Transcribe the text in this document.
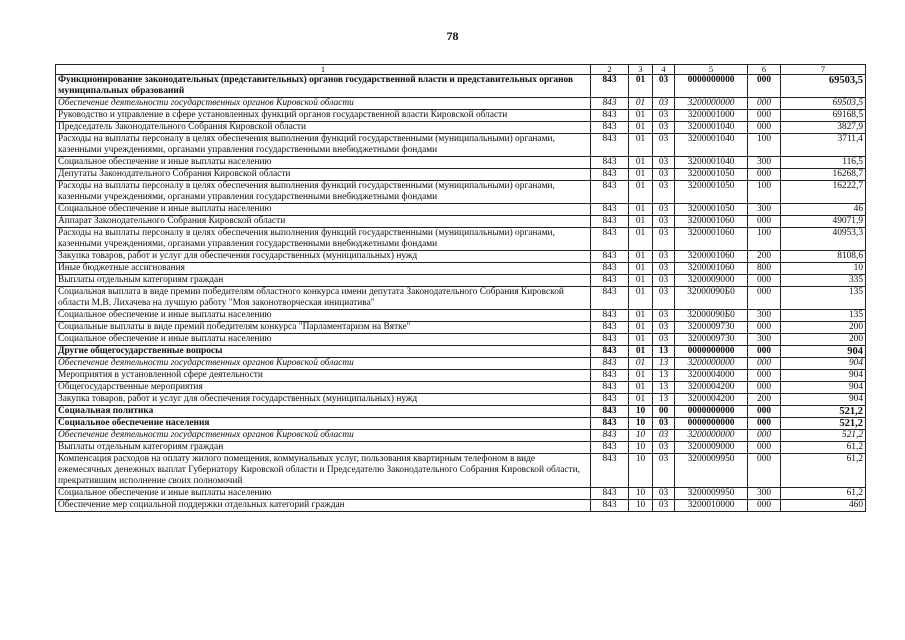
78
1	2	3	4	5	6	7
Функционирование законодательных (представительных) органов государственной власти и представительных органов муниципальных образований	843	01	03	0000000000	000	69503,5
Обеспечение деятельности государственных органов Кировской области	843	01	03	3200000000	000	69503,5
Руководство и управление в сфере установленных функций органов государственной власти Кировской области	843	01	03	3200001000	000	69168,5
Председатель Законодательного Собрания Кировской области	843	01	03	3200001040	000	3827,9
Расходы на выплаты персоналу в целях обеспечения выполнения функций государственными (муниципальными) органами, казенными учреждениями, органами управления государственными внебюджетными фондами	843	01	03	3200001040	100	3711,4
Социальное обеспечение и иные выплаты населению	843	01	03	3200001040	300	116,5
Депутаты Законодательного Собрания Кировской области	843	01	03	3200001050	000	16268,7
Расходы на выплаты персоналу в целях обеспечения выполнения функций государственными (муниципальными) органами, казенными учреждениями, органами управления государственными внебюджетными фондами	843	01	03	3200001050	100	16222,7
Социальное обеспечение и иные выплаты населению	843	01	03	3200001050	300	46
Аппарат Законодательного Собрания Кировской области	843	01	03	3200001060	000	49071,9
Расходы на выплаты персоналу в целях обеспечения выполнения функций государственными (муниципальными) органами, казенными учреждениями, органами управления государственными внебюджетными фондами	843	01	03	3200001060	100	40953,3
Закупка товаров, работ и услуг для обеспечения государственных (муниципальных) нужд	843	01	03	3200001060	200	8108,6
Иные бюджетные ассигнования	843	01	03	3200001060	800	10
Выплаты отдельным категориям граждан	843	01	03	3200009000	000	335
Социальная выплата в виде премии победителям областного конкурса имени депутата Законодательного Собрания Кировской области М.В. Лихачева на лучшую работу "Моя законотворческая инициатива"	843	01	03	32000090Б0	000	135
Социальное обеспечение и иные выплаты населению	843	01	03	32000090Б0	300	135
Социальные выплаты в виде премий победителям конкурса "Парламентаризм на Вятке"	843	01	03	3200009730	000	200
Социальное обеспечение и иные выплаты населению	843	01	03	3200009730	300	200
Другие общегосударственные вопросы	843	01	13	0000000000	000	904
Обеспечение деятельности государственных органов Кировской области	843	01	13	3200000000	000	904
Мероприятия в установленной сфере деятельности	843	01	13	3200004000	000	904
Общегосударственные мероприятия	843	01	13	3200004200	000	904
Закупка товаров, работ и услуг для обеспечения государственных (муниципальных) нужд	843	01	13	3200004200	200	904
Социальная политика	843	10	00	0000000000	000	521,2
Социальное обеспечение населения	843	10	03	0000000000	000	521,2
Обеспечение деятельности государственных органов Кировской области	843	10	03	3200000000	000	521,2
Выплаты отдельным категориям граждан	843	10	03	3200009000	000	61,2
Компенсация расходов на оплату жилого помещения, коммунальных услуг, пользования квартирным телефоном в виде ежемесячных денежных выплат Губернатору Кировской области и Председателю Законодательного Собрания Кировской области, прекратившим исполнение своих полномочий	843	10	03	3200009950	000	61,2
Социальное обеспечение и иные выплаты населению	843	10	03	3200009950	300	61,2
Обеспечение мер социальной поддержки отдельных категорий граждан	843	10	03	3200010000	000	460
